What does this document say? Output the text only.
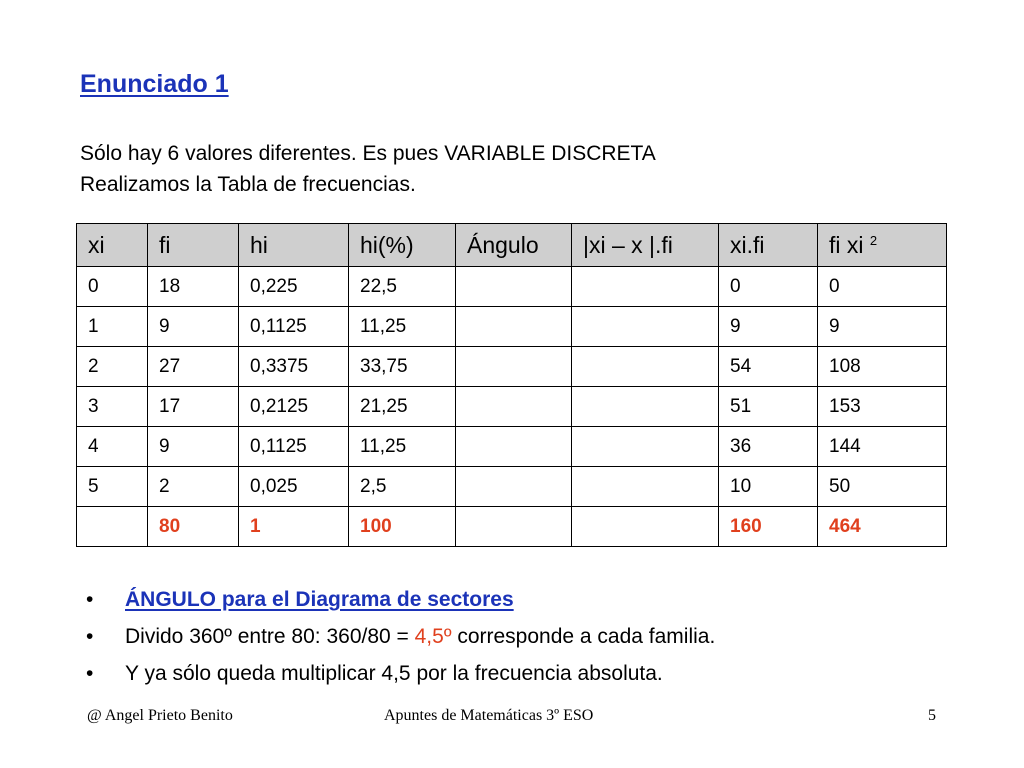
Enunciado 1
Sólo hay 6 valores diferentes. Es pues VARIABLE DISCRETA
Realizamos la Tabla de frecuencias.
xi	fi	hi	hi(%)	Ángulo	|xi – x |.fi	xi.fi	fi xi $^2$
0	18	0,225	22,5			0	0
1	9	0,1125	11,25			9	9
2	27	0,3375	33,75			54	108
3	17	0,2125	21,25			51	153
4	9	0,1125	11,25			36	144
5	2	0,025	2,5			10	50
	80	1	100			160	464
• ÁNGULO para el Diagrama de sectores
• Divido 360º entre 80: 360/80 = 4,5º corresponde a cada familia.
• Y ya sólo queda multiplicar 4,5 por la frecuencia absoluta.
@ Angel Prieto Benito	Apuntes de Matemáticas 3º ESO	5
